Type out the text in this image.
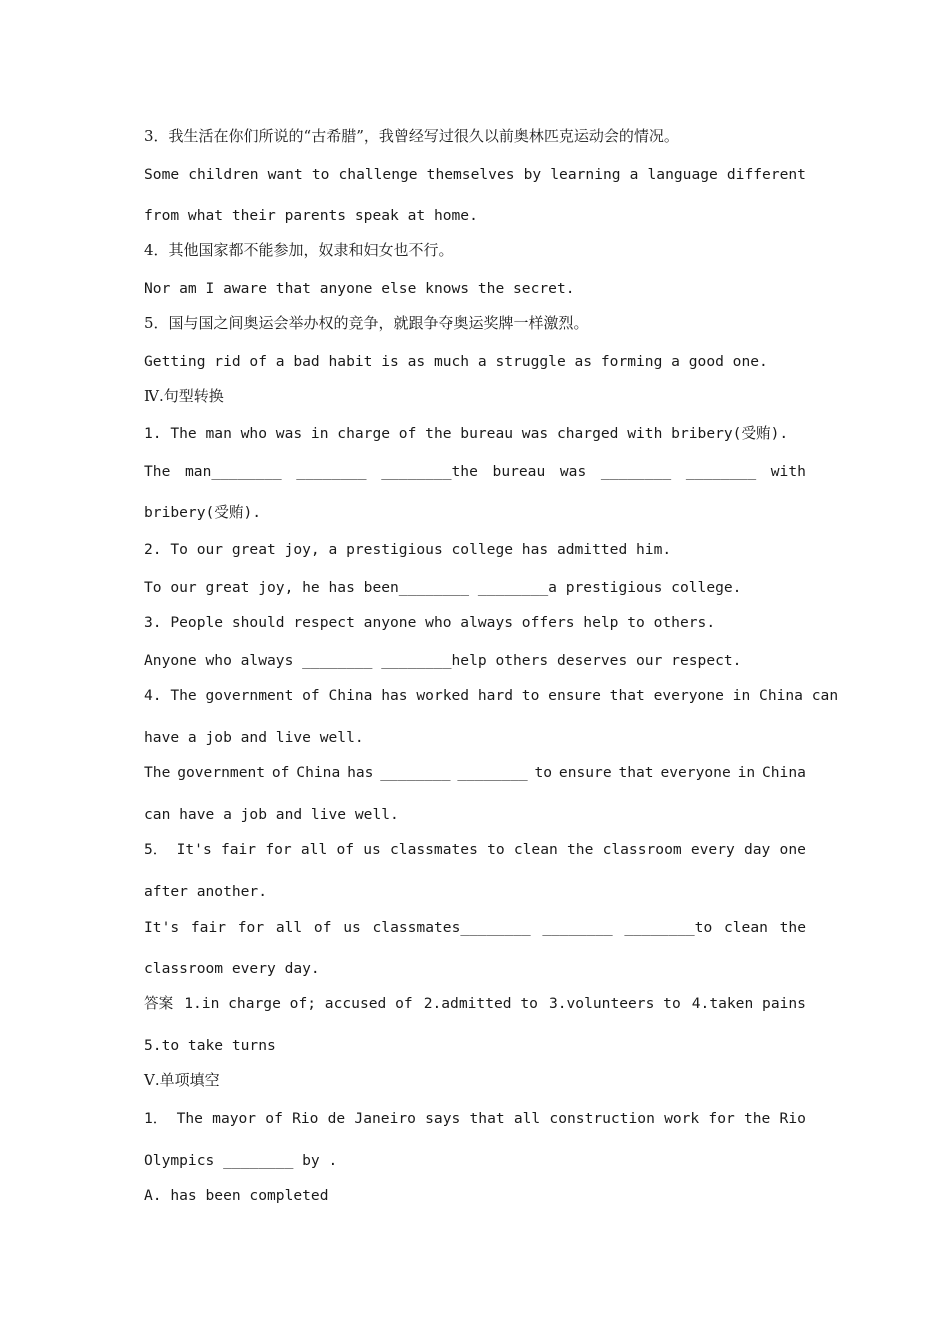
3．我生活在你们所说的“古希腊”，我曾经写过很久以前奥林匹克运动会的情况。
Some children want to challenge themselves by learning a language different
from what their parents speak at home.
4．其他国家都不能参加，奴隶和妇女也不行。
Nor am I aware that anyone else knows the secret.
5．国与国之间奥运会举办权的竞争，就跟争夺奥运奖牌一样激烈。
Getting rid of a bad habit is as much a struggle as forming a good one.
Ⅳ.句型转换
1. The man who was in charge of the bureau was charged with bribery(受贿).
The man________ ________ ________the bureau was ________ ________ with
bribery(受贿).
2. To our great joy, a prestigious college has admitted him.
To our great joy, he has been________ ________a prestigious college.
3. People should respect anyone who always offers help to others.
Anyone who always ________ ________help others deserves our respect.
4. The government of China has worked hard to ensure that everyone in China can
have a job and live well.
The government of China has ________ ________ to ensure that everyone in China
can have a job and live well.
5． It's fair for all of us classmates to clean the classroom every day one
after another.
It's fair for all of us classmates________ ________ ________to clean the
classroom every day.
答案 1.in charge of; accused of 2.admitted to 3.volunteers to 4.taken pains
5.to take turns
Ⅴ.单项填空
1． The mayor of Rio de Janeiro says that all construction work for the Rio
Olympics ________ by .
A. has been completed
